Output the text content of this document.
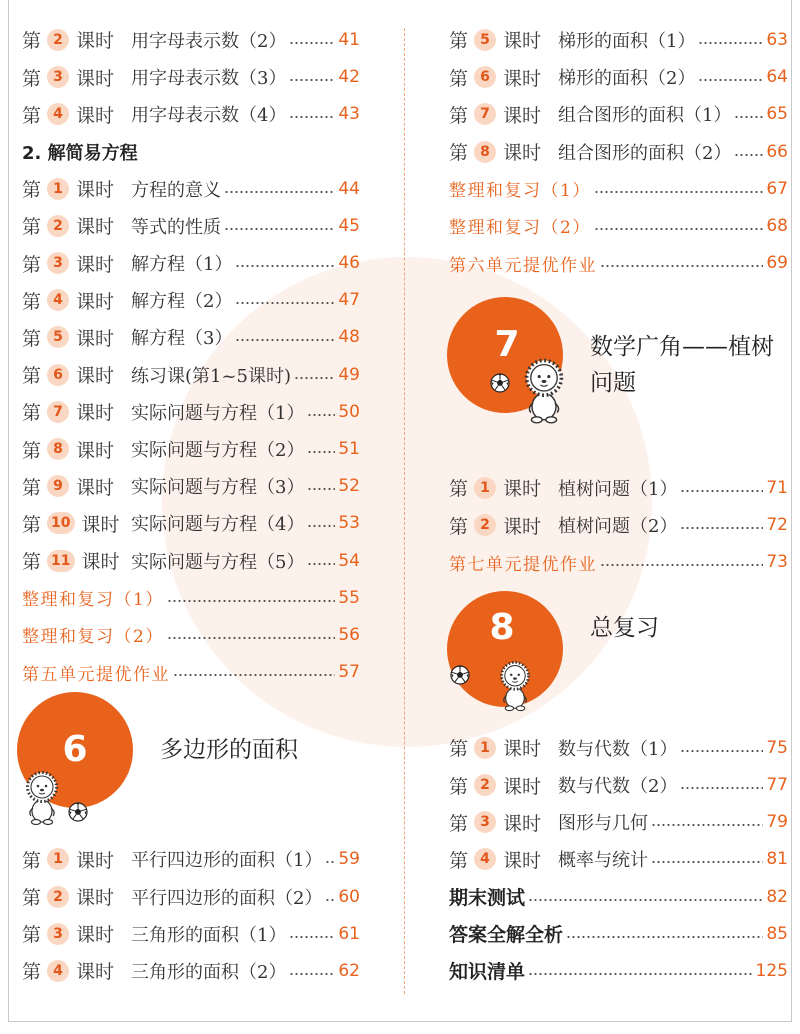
第 2 课时 用字母表示数（2）	41
第 3 课时 用字母表示数（3）	42
第 4 课时 用字母表示数（4）	43
2. 解简易方程
第 1 课时 方程的意义	44
第 2 课时 等式的性质	45
第 3 课时 解方程（1）	46
第 4 课时 解方程（2）	47
第 5 课时 解方程（3）	48
第 6 课时 练习课(第1~5课时)	49
第 7 课时 实际问题与方程（1） 50
第 8 课时 实际问题与方程（2） 51
第 9 课时 实际问题与方程（3） 52
第 10 课时 实际问题与方程（4） 53
第 11 课时 实际问题与方程（5） 54
整理和复习（1）	55
整理和复习（2）	56
第五单元提优作业	57
6	多边形的面积
第 1 课时 平行四边形的面积（1） 59
第 2 课时 平行四边形的面积（2） 60
第 3 课时 三角形的面积（1）	61
第 4 课时 三角形的面积（2）	62
第 5 课时 梯形的面积（1）	63
第 6 课时 梯形的面积（2）	64
第 7 课时 组合图形的面积（1） 65
第 8 课时 组合图形的面积（2） 66
整理和复习（1）	67
整理和复习（2）	68
第六单元提优作业	69
7	数学广角——植树
问题
第 1 课时 植树问题（1）	71
第 2 课时 植树问题（2）	72
第七单元提优作业	73
8	总复习
第 1 课时 数与代数（1）	75
第 2 课时 数与代数（2）	77
第 3 课时 图形与几何	79
第 4 课时 概率与统计	81
期末测试	82
答案全解全析	85
知识清单	125
